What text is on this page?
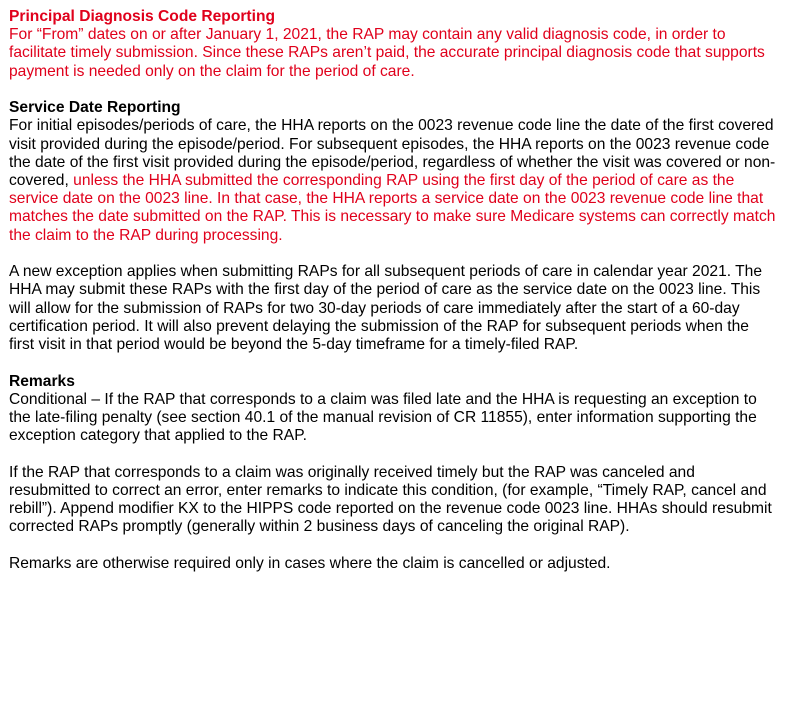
Principal Diagnosis Code Reporting

For “From” dates on or after January 1, 2021, the RAP may contain any valid diagnosis code, in order to facilitate timely submission. Since these RAPs aren’t paid, the accurate principal diagnosis code that supports payment is needed only on the claim for the period of care.

Service Date Reporting

For initial episodes/periods of care, the HHA reports on the 0023 revenue code line the date of the first covered visit provided during the episode/period. For subsequent episodes, the HHA reports on the 0023 revenue code the date of the first visit provided during the episode/period, regardless of whether the visit was covered or non-covered, unless the HHA submitted the corresponding RAP using the first day of the period of care as the service date on the 0023 line. In that case, the HHA reports a service date on the 0023 revenue code line that matches the date submitted on the RAP. This is necessary to make sure Medicare systems can correctly match the claim to the RAP during processing.

A new exception applies when submitting RAPs for all subsequent periods of care in calendar year 2021. The HHA may submit these RAPs with the first day of the period of care as the service date on the 0023 line. This will allow for the submission of RAPs for two 30-day periods of care immediately after the start of a 60-day certification period. It will also prevent delaying the submission of the RAP for subsequent periods when the first visit in that period would be beyond the 5-day timeframe for a timely-filed RAP.

Remarks

Conditional – If the RAP that corresponds to a claim was filed late and the HHA is requesting an exception to the late-filing penalty (see section 40.1 of the manual revision of CR 11855), enter information supporting the exception category that applied to the RAP.

If the RAP that corresponds to a claim was originally received timely but the RAP was canceled and resubmitted to correct an error, enter remarks to indicate this condition, (for example, “Timely RAP, cancel and rebill”). Append modifier KX to the HIPPS code reported on the revenue code 0023 line. HHAs should resubmit corrected RAPs promptly (generally within 2 business days of canceling the original RAP).

Remarks are otherwise required only in cases where the claim is cancelled or adjusted.
